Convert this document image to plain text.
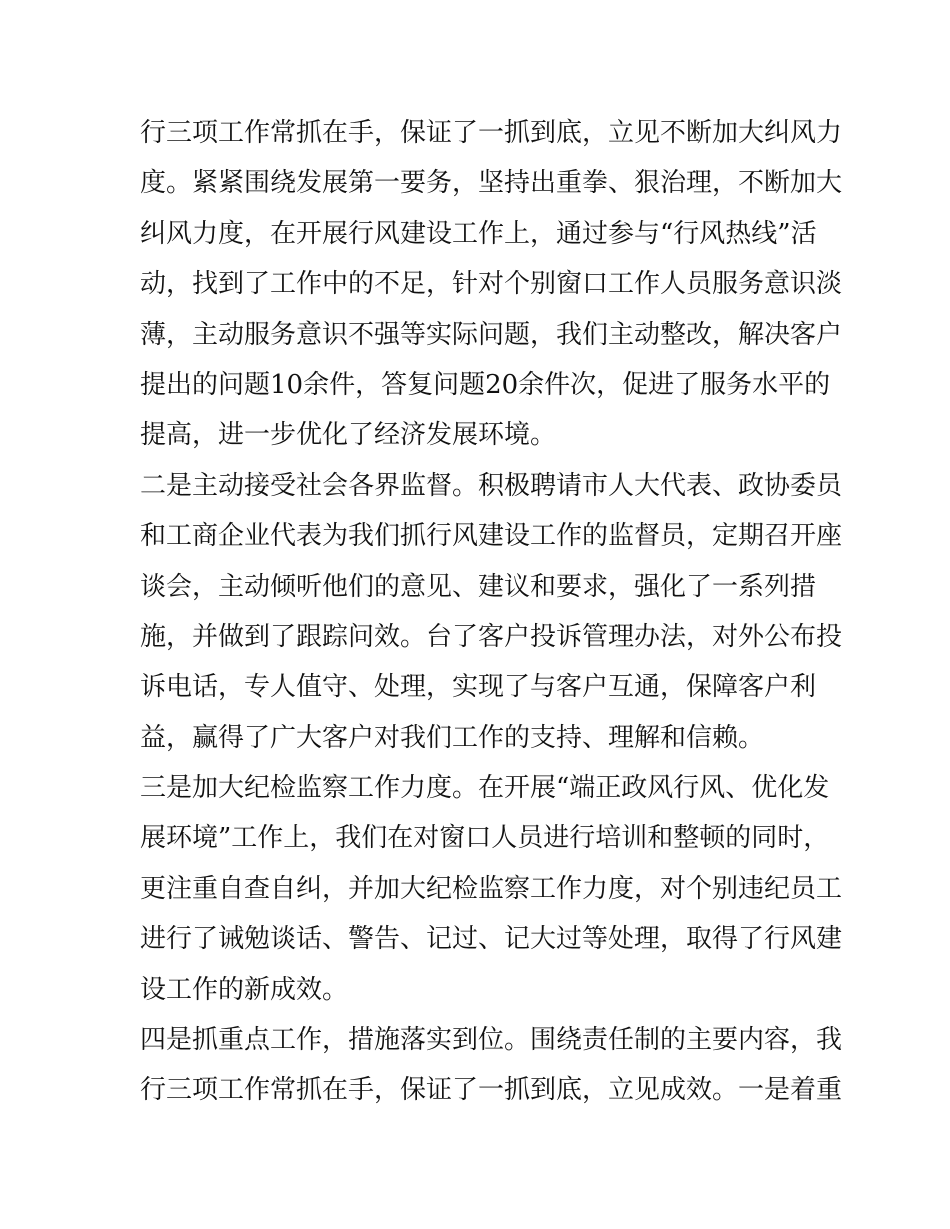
行三项工作常抓在手，保证了一抓到底，立见不断加大纠风力
度。紧紧围绕发展第一要务，坚持出重拳、狠治理，不断加大
纠风力度，在开展行风建设工作上，通过参与“行风热线”活
动，找到了工作中的不足，针对个别窗口工作人员服务意识淡
薄，主动服务意识不强等实际问题，我们主动整改，解决客户
提出的问题10余件，答复问题20余件次，促进了服务水平的
提高，进一步优化了经济发展环境。
二是主动接受社会各界监督。积极聘请市人大代表、政协委员
和工商企业代表为我们抓行风建设工作的监督员，定期召开座
谈会，主动倾听他们的意见、建议和要求，强化了一系列措
施，并做到了跟踪问效。台了客户投诉管理办法，对外公布投
诉电话，专人值守、处理，实现了与客户互通，保障客户利
益，赢得了广大客户对我们工作的支持、理解和信赖。
三是加大纪检监察工作力度。在开展“端正政风行风、优化发
展环境”工作上，我们在对窗口人员进行培训和整顿的同时，
更注重自查自纠，并加大纪检监察工作力度，对个别违纪员工
进行了诫勉谈话、警告、记过、记大过等处理，取得了行风建
设工作的新成效。
四是抓重点工作，措施落实到位。围绕责任制的主要内容，我
行三项工作常抓在手，保证了一抓到底，立见成效。一是着重
